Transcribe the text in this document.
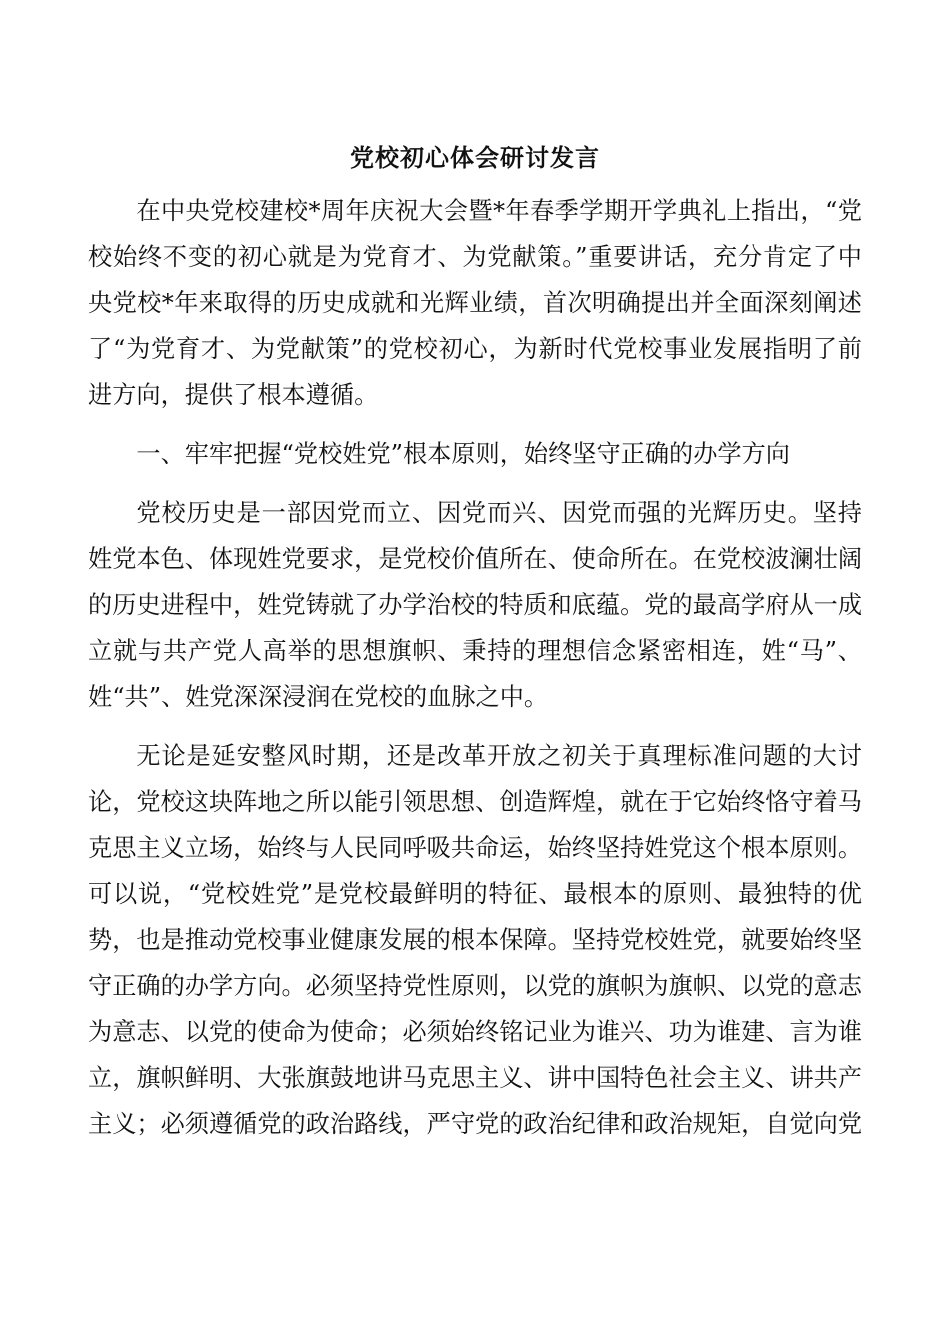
党校初心体会研讨发言

在中央党校建校*周年庆祝大会暨*年春季学期开学典礼上指出，“党校始终不变的初心就是为党育才、为党献策。”重要讲话，充分肯定了中央党校*年来取得的历史成就和光辉业绩，首次明确提出并全面深刻阐述了“为党育才、为党献策”的党校初心，为新时代党校事业发展指明了前进方向，提供了根本遵循。

一、牢牢把握“党校姓党”根本原则，始终坚守正确的办学方向

党校历史是一部因党而立、因党而兴、因党而强的光辉历史。坚持姓党本色、体现姓党要求，是党校价值所在、使命所在。在党校波澜壮阔的历史进程中，姓党铸就了办学治校的特质和底蕴。党的最高学府从一成立就与共产党人高举的思想旗帜、秉持的理想信念紧密相连，姓“马”、姓“共”、姓党深深浸润在党校的血脉之中。

无论是延安整风时期，还是改革开放之初关于真理标准问题的大讨论，党校这块阵地之所以能引领思想、创造辉煌，就在于它始终恪守着马克思主义立场，始终与人民同呼吸共命运，始终坚持姓党这个根本原则。可以说，“党校姓党”是党校最鲜明的特征、最根本的原则、最独特的优势，也是推动党校事业健康发展的根本保障。坚持党校姓党，就要始终坚守正确的办学方向。必须坚持党性原则，以党的旗帜为旗帜、以党的意志为意志、以党的使命为使命；必须始终铭记业为谁兴、功为谁建、言为谁立，旗帜鲜明、大张旗鼓地讲马克思主义、讲中国特色社会主义、讲共产主义；必须遵循党的政治路线，严守党的政治纪律和政治规矩，自觉向党
